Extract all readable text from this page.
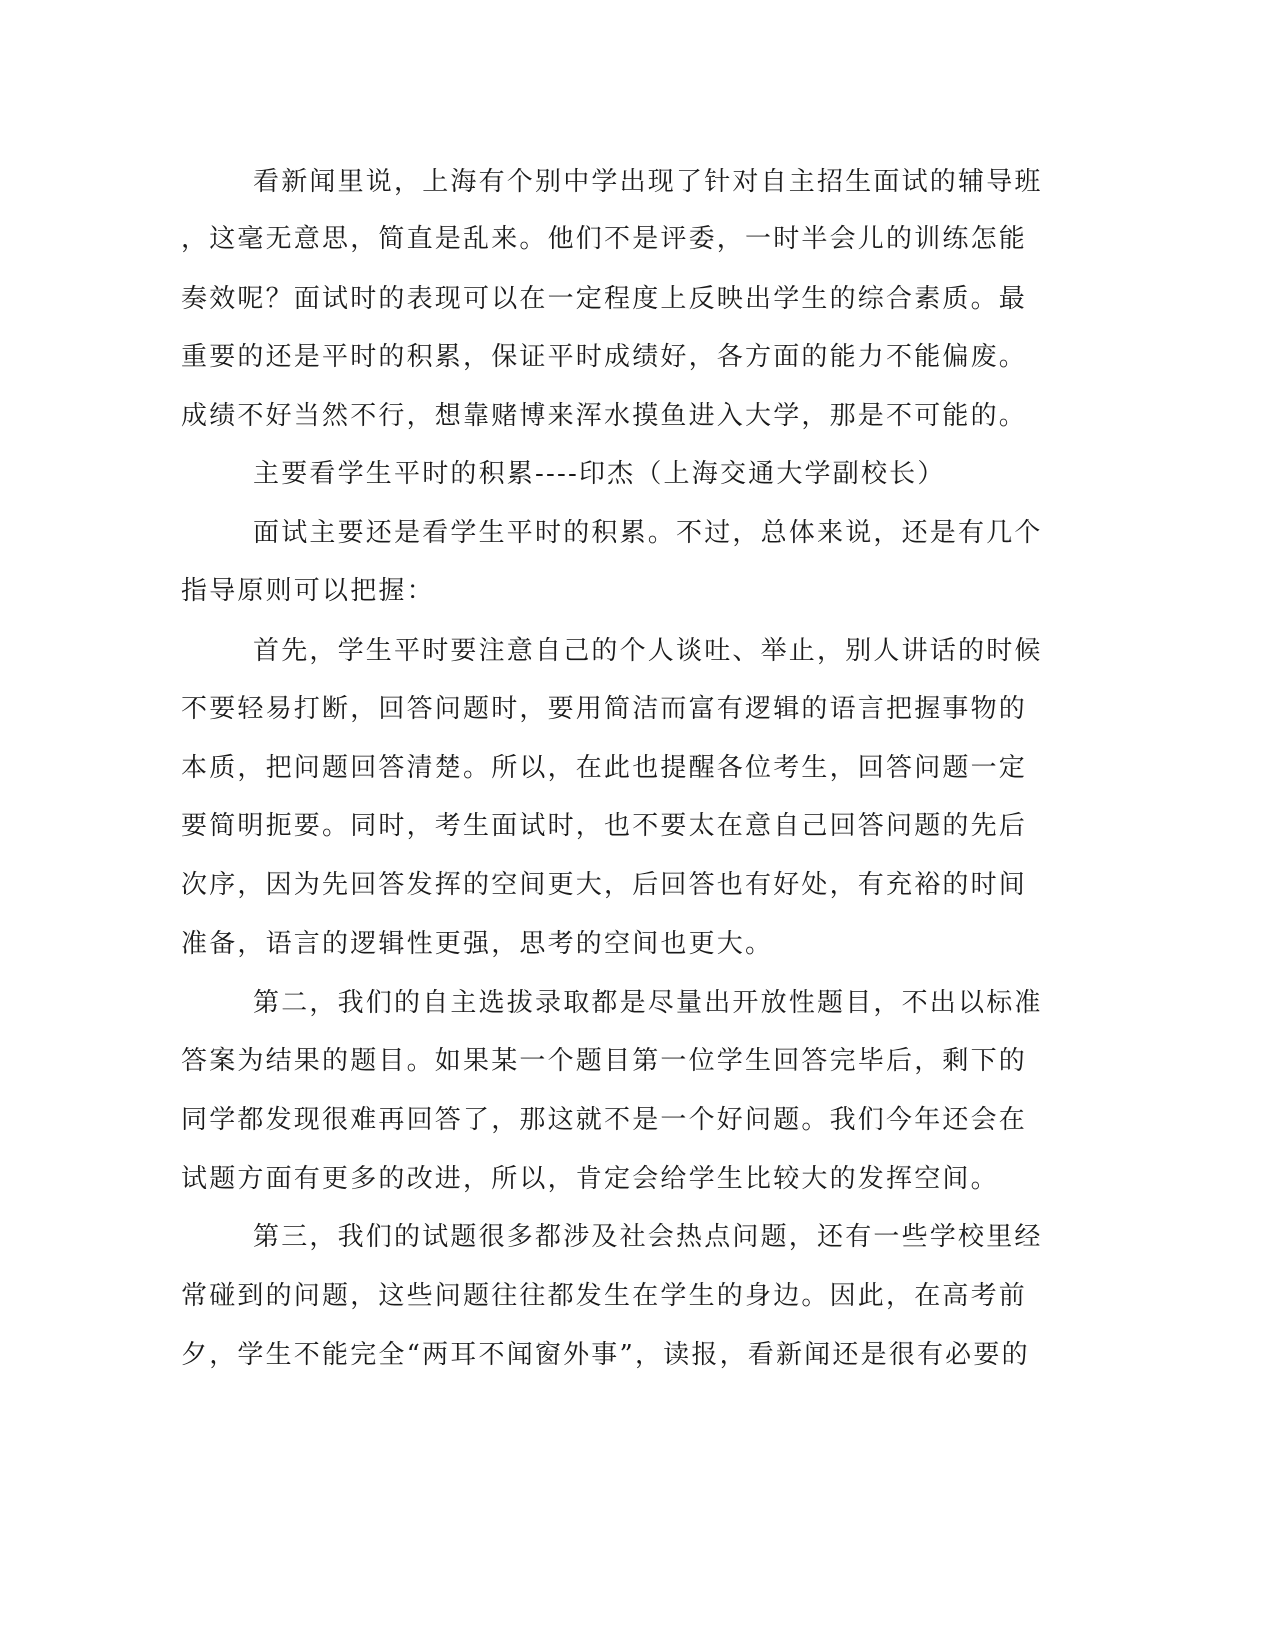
看新闻里说，上海有个别中学出现了针对自主招生面试的辅导班
，这毫无意思，简直是乱来。他们不是评委，一时半会儿的训练怎能
奏效呢？面试时的表现可以在一定程度上反映出学生的综合素质。最
重要的还是平时的积累，保证平时成绩好，各方面的能力不能偏废。
成绩不好当然不行，想靠赌博来浑水摸鱼进入大学，那是不可能的。
主要看学生平时的积累----印杰（上海交通大学副校长）
面试主要还是看学生平时的积累。不过，总体来说，还是有几个
指导原则可以把握：
首先，学生平时要注意自己的个人谈吐、举止，别人讲话的时候
不要轻易打断，回答问题时，要用简洁而富有逻辑的语言把握事物的
本质，把问题回答清楚。所以，在此也提醒各位考生，回答问题一定
要简明扼要。同时，考生面试时，也不要太在意自己回答问题的先后
次序，因为先回答发挥的空间更大，后回答也有好处，有充裕的时间
准备，语言的逻辑性更强，思考的空间也更大。
第二，我们的自主选拔录取都是尽量出开放性题目，不出以标准
答案为结果的题目。如果某一个题目第一位学生回答完毕后，剩下的
同学都发现很难再回答了，那这就不是一个好问题。我们今年还会在
试题方面有更多的改进，所以，肯定会给学生比较大的发挥空间。
第三，我们的试题很多都涉及社会热点问题，还有一些学校里经
常碰到的问题，这些问题往往都发生在学生的身边。因此，在高考前
夕，学生不能完全“两耳不闻窗外事”，读报，看新闻还是很有必要的
